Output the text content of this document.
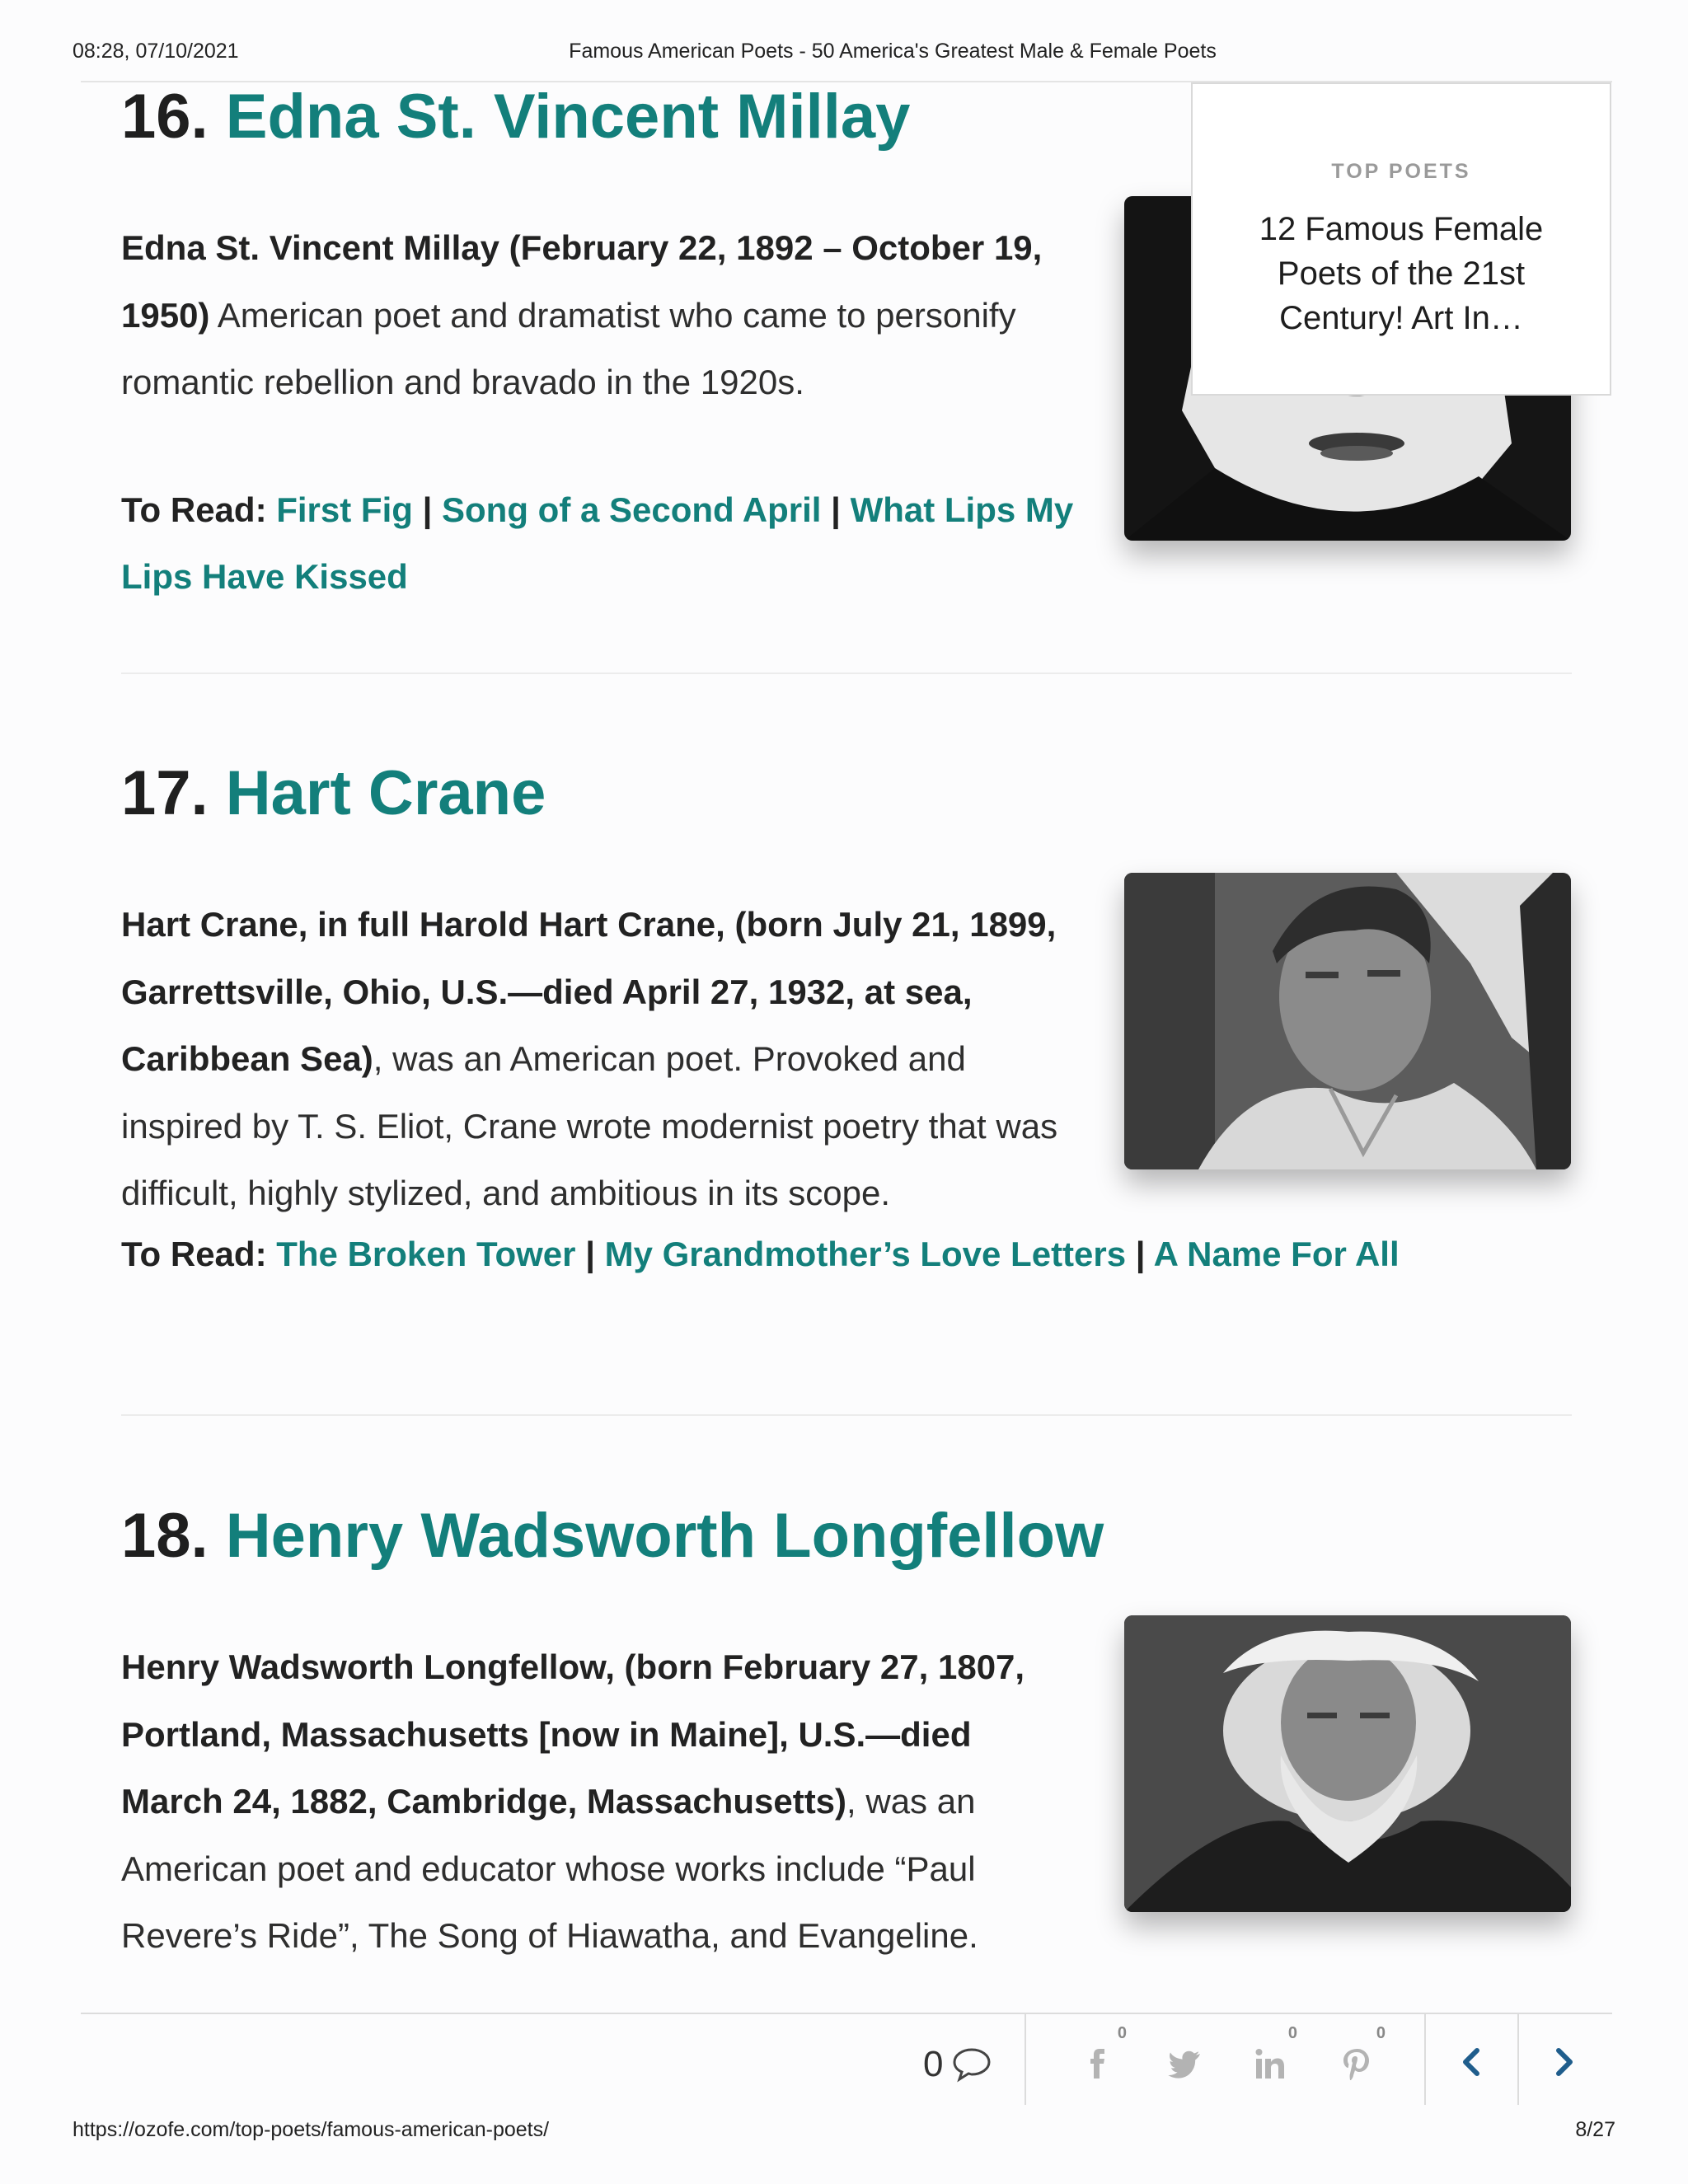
08:28, 07/10/2021	Famous American Poets - 50 America's Greatest Male & Female Poets
16. Edna St. Vincent Millay
Edna St. Vincent Millay (February 22, 1892 – October 19, 1950) American poet and dramatist who came to personify romantic rebellion and bravado in the 1920s.
To Read: First Fig | Song of a Second April | What Lips My Lips Have Kissed
TOP POETS
12 Famous Female Poets of the 21st Century! Art In…
17. Hart Crane
Hart Crane, in full Harold Hart Crane, (born July 21, 1899, Garrettsville, Ohio, U.S.—died April 27, 1932, at sea, Caribbean Sea), was an American poet. Provoked and inspired by T. S. Eliot, Crane wrote modernist poetry that was difficult, highly stylized, and ambitious in its scope.
To Read: The Broken Tower | My Grandmother’s Love Letters | A Name For All
18. Henry Wadsworth Longfellow
Henry Wadsworth Longfellow, (born February 27, 1807, Portland, Massachusetts [now in Maine], U.S.—died March 24, 1882, Cambridge, Massachusetts), was an American poet and educator whose works include “Paul Revere’s Ride”, The Song of Hiawatha, and Evangeline.
0
0	0	0
https://ozofe.com/top-poets/famous-american-poets/	8/27
